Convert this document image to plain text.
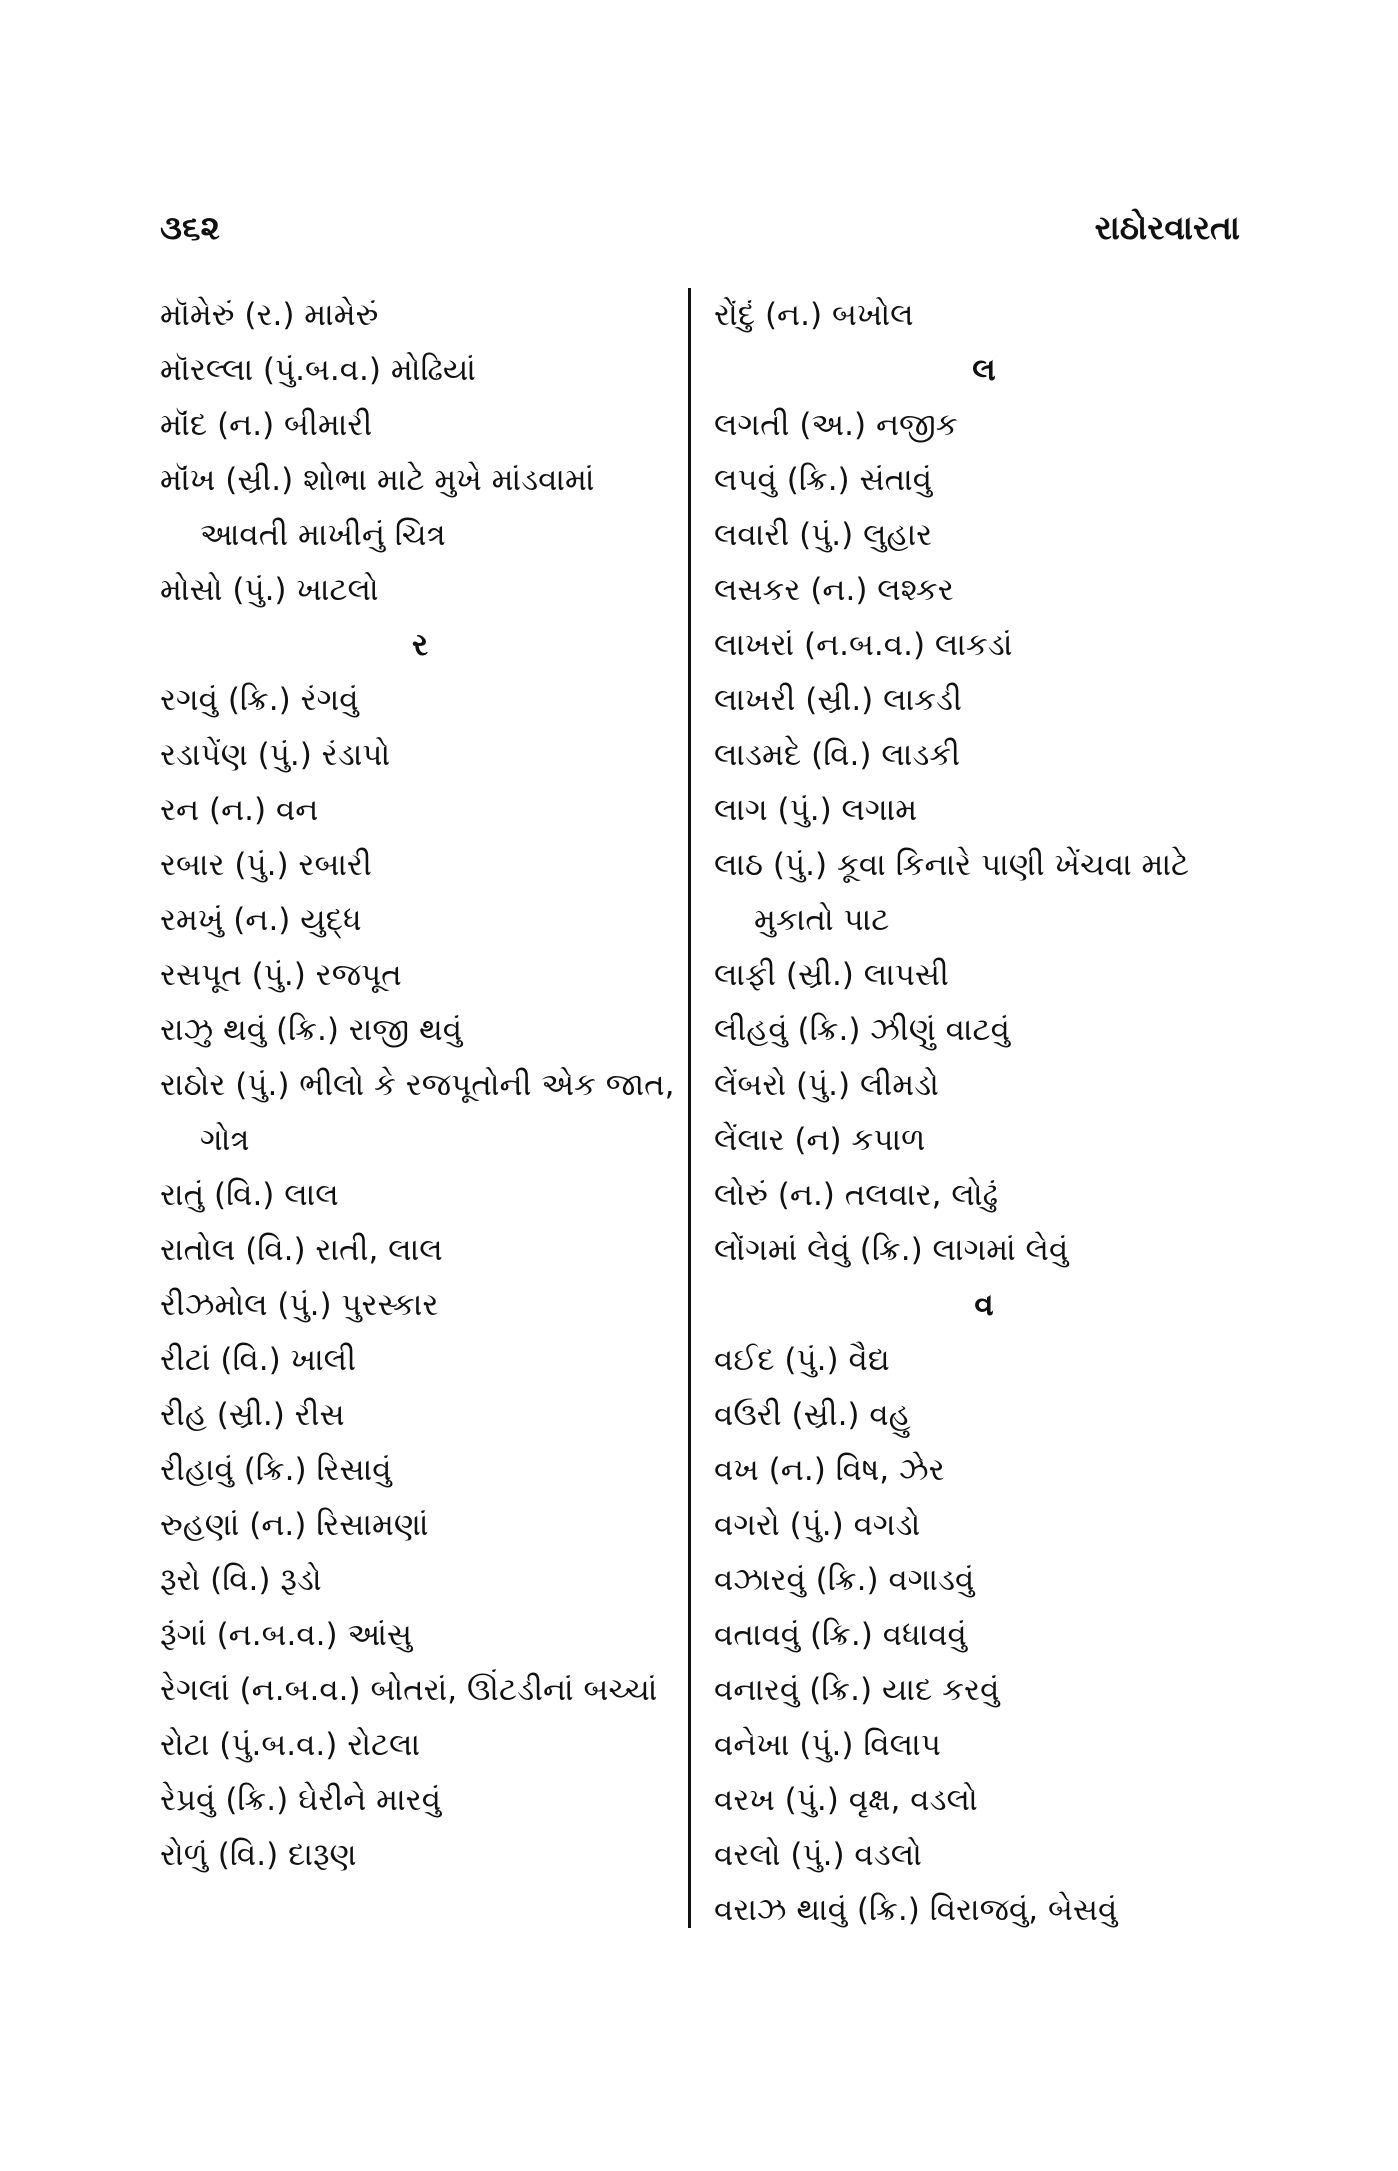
૩૬૨	રાઠોરવારતા
મૉમેરું (ર.) મામેરું
મૉરલ્લા (પું.બ.વ.) મોઢિયાં
મૉંદ (ન.) બીમારી
મૉંખ (સ્રી.) શોભા માટે મુખે માંડવામાં આવતી માખીનું ચિત્ર
મોસો (પું.) ખાટલો
ર
રગવું (ક્રિ.) રંગવું
રડાપેંણ (પું.) રંડાપો
રન (ન.) વન
રબાર (પું.) રબારી
રમખું (ન.) યુદ્ધ
રસપૂત (પું.) રજપૂત
રાઝુ થવું (ક્રિ.) રાજી થવું
રાઠોર (પું.) ભીલો કે રજપૂતોની એક જાત, ગોત્ર
રાતું (વિ.) લાલ
રાતોલ (વિ.) રાતી, લાલ
રીઝમોલ (પું.) પુરસ્કાર
રીટાં (વિ.) ખાલી
રીહ (સ્રી.) રીસ
રીહાવું (ક્રિ.) રિસાવું
રુહણાં (ન.) રિસામણાં
રૂરો (વિ.) રૂડો
રૂંગાં (ન.બ.વ.) આંસુ
રેગલાં (ન.બ.વ.) બોતરાં, ઊંટડીનાં બચ્ચાં
રોટા (પું.બ.વ.) રોટલા
રેપ્રવું (ક્રિ.) ઘેરીને મારવું
રોળું (વિ.) દારૂણ
રોંદું (ન.) બખોલ
લ
લગતી (અ.) નજીક
લપવું (ક્રિ.) સંતાવું
લવારી (પું.) લુહાર
લસકર (ન.) લશ્કર
લાખરાં (ન.બ.વ.) લાકડાં
લાખરી (સ્રી.) લાકડી
લાડમદે (વિ.) લાડકી
લાગ (પું.) લગામ
લાઠ (પું.) કૂવા કિનારે પાણી ખેંચવા માટે મુકાતો પાટ
લાફી (સ્રી.) લાપસી
લીહવું (ક્રિ.) ઝીણું વાટવું
લેંબરો (પું.) લીમડો
લેંલાર (ન) કપાળ
લોરું (ન.) તલવાર, લોઢું
લોંગમાં લેવું (ક્રિ.) લાગમાં લેવું
વ
વઈદ (પું.) વૈદ્ય
વઉરી (સ્રી.) વહુ
વખ (ન.) વિષ, ઝેર
વગરો (પું.) વગડો
વઝારવું (ક્રિ.) વગાડવું
વતાવવું (ક્રિ.) વધાવવું
વનારવું (ક્રિ.) યાદ કરવું
વનેખા (પું.) વિલાપ
વરખ (પું.) વૃક્ષ, વડલો
વરલો (પું.) વડલો
વરાઝ થાવું (ક્રિ.) વિરાજવું, બેસવું
